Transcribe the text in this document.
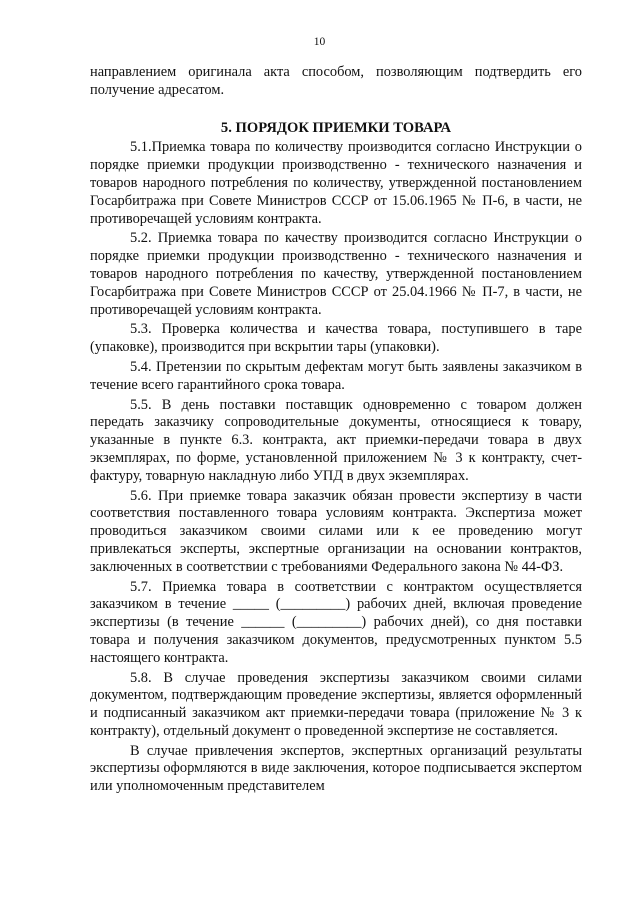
10

направлением оригинала акта способом, позволяющим подтвердить его получение адресатом.

5. ПОРЯДОК ПРИЕМКИ ТОВАРА

5.1.Приемка товара по количеству производится согласно Инструкции о порядке приемки продукции производственно - технического назначения и товаров народного потребления по количеству, утвержденной постановлением Госарбитража при Совете Министров СССР от 15.06.1965 № П-6, в части, не противоречащей условиям контракта.

5.2. Приемка товара по качеству производится согласно Инструкции о порядке приемки продукции производственно - технического назначения и товаров народного потребления по качеству, утвержденной постановлением Госарбитража при Совете Министров СССР от 25.04.1966 № П-7, в части, не противоречащей условиям контракта.

5.3. Проверка количества и качества товара, поступившего в таре (упаковке), производится при вскрытии тары (упаковки).

5.4. Претензии по скрытым дефектам могут быть заявлены заказчиком в течение всего гарантийного срока товара.

5.5. В день поставки поставщик одновременно с товаром должен передать заказчику сопроводительные документы, относящиеся к товару, указанные в пункте 6.3. контракта, акт приемки-передачи товара в двух экземплярах, по форме, установленной приложением № 3 к контракту, счет-фактуру, товарную накладную либо УПД в двух экземплярах.

5.6. При приемке товара заказчик обязан провести экспертизу в части соответствия поставленного товара условиям контракта. Экспертиза может проводиться заказчиком своими силами или к ее проведению могут привлекаться эксперты, экспертные организации на основании контрактов, заключенных в соответствии с требованиями Федерального закона № 44-ФЗ.

5.7. Приемка товара в соответствии с контрактом осуществляется заказчиком в течение _____ (_________) рабочих дней, включая проведение экспертизы (в течение ______ (_________) рабочих дней), со дня поставки товара и получения заказчиком документов, предусмотренных пунктом 5.5 настоящего контракта.

5.8. В случае проведения экспертизы заказчиком своими силами документом, подтверждающим проведение экспертизы, является оформленный и подписанный заказчиком акт приемки-передачи товара (приложение № 3 к контракту), отдельный документ о проведенной экспертизе не составляется.

В случае привлечения экспертов, экспертных организаций результаты экспертизы оформляются в виде заключения, которое подписывается экспертом или уполномоченным представителем
